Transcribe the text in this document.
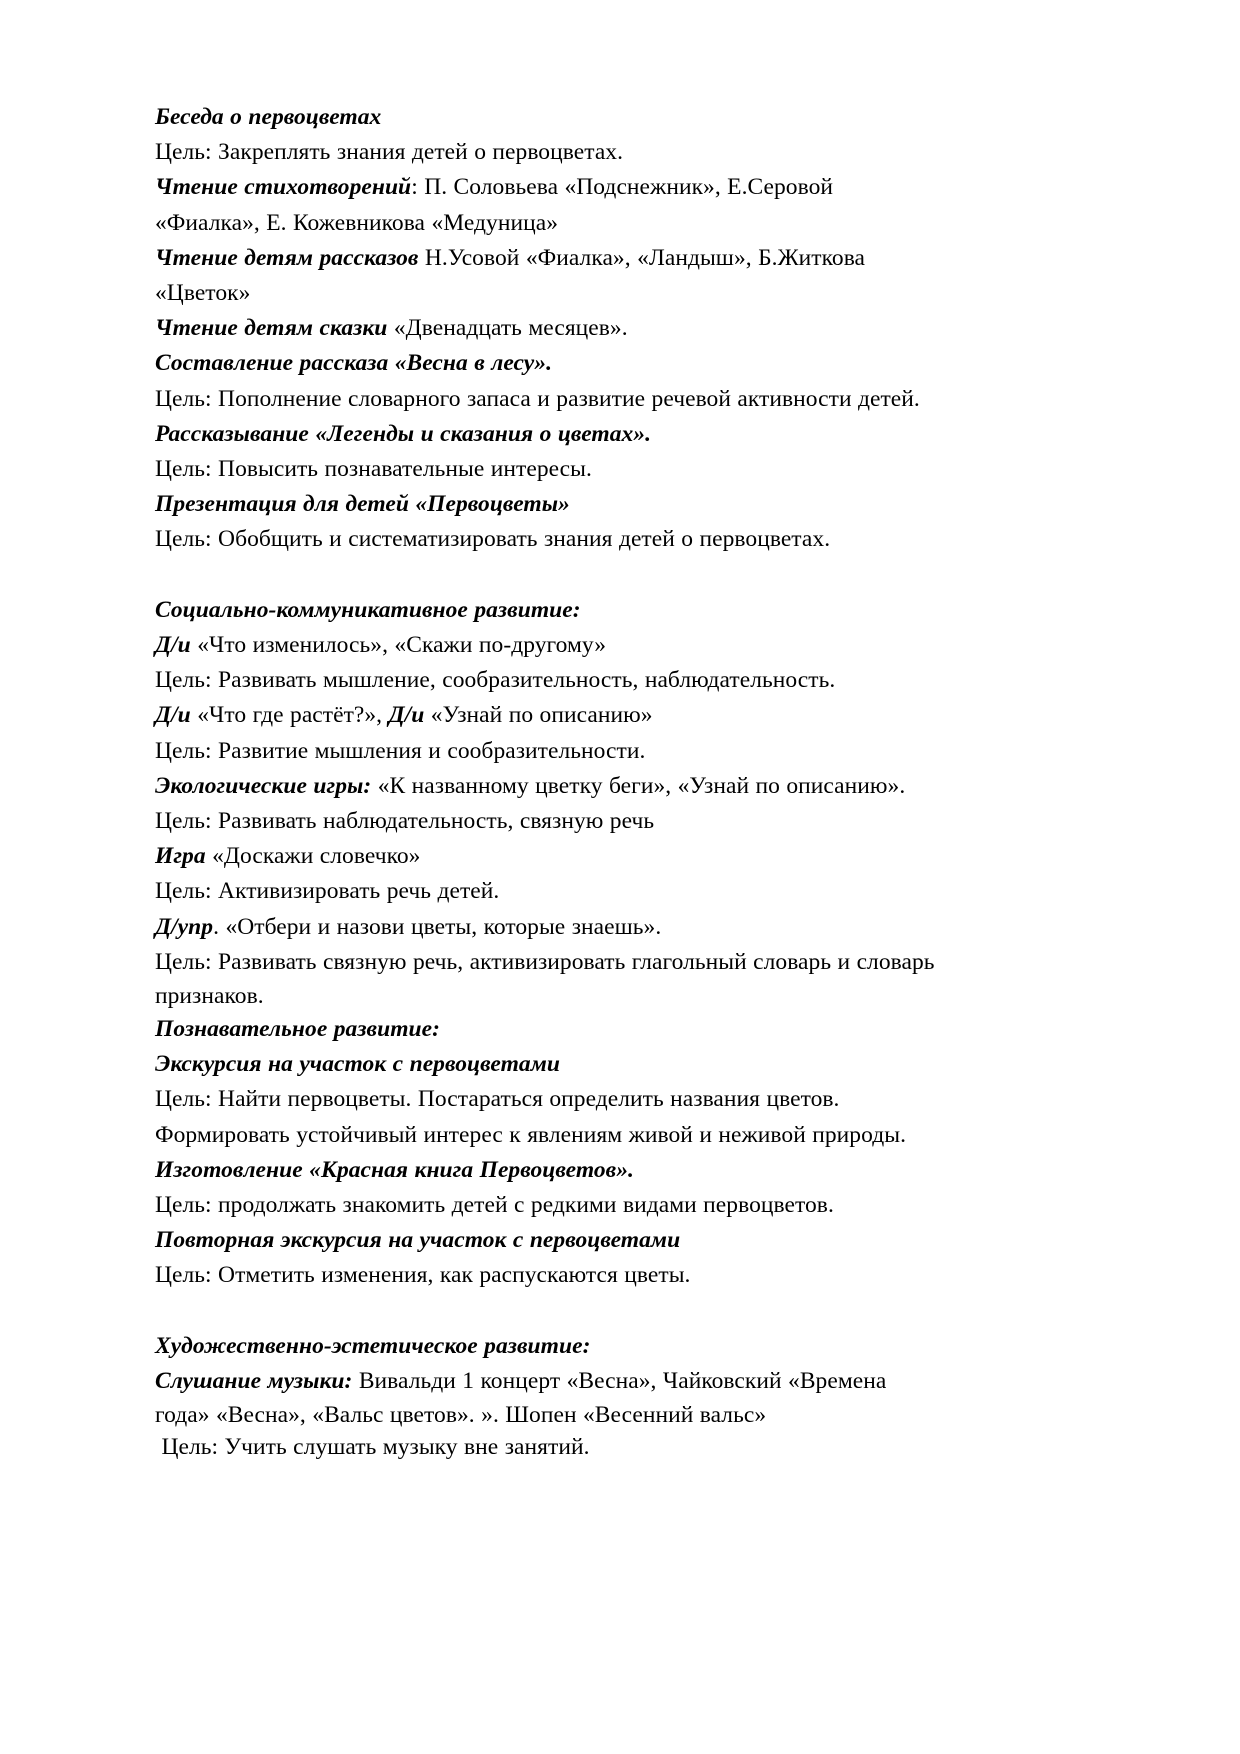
Беседа о первоцветах
Цель: Закреплять знания детей о первоцветах.
Чтение стихотворений: П. Соловьева «Подснежник», Е.Серовой
«Фиалка», Е. Кожевникова «Медуница»
Чтение детям рассказов Н.Усовой «Фиалка», «Ландыш», Б.Житкова
«Цветок»
Чтение детям сказки «Двенадцать месяцев».
Составление рассказа «Весна в лесу».
Цель: Пополнение словарного запаса и развитие речевой активности детей.
Рассказывание «Легенды и сказания о цветах».
Цель: Повысить познавательные интересы.
Презентация для детей «Первоцветы»
Цель: Обобщить и систематизировать знания детей о первоцветах.
Социально-коммуникативное развитие:
Д/и «Что изменилось», «Скажи по-другому»
Цель: Развивать мышление, сообразительность, наблюдательность.
Д/и «Что где растёт?», Д/и «Узнай по описанию»
Цель: Развитие мышления и сообразительности.
Экологические игры: «К названному цветку беги», «Узнай по описанию».
Цель: Развивать наблюдательность, связную речь
Игра «Доскажи словечко»
Цель: Активизировать речь детей.
Д/упр. «Отбери и назови цветы, которые знаешь».
Цель: Развивать связную речь, активизировать глагольный словарь и словарь
признаков.
Познавательное развитие:
Экскурсия на участок с первоцветами
Цель: Найти первоцветы. Постараться определить названия цветов.
Формировать устойчивый интерес к явлениям живой и неживой природы.
Изготовление «Красная книга Первоцветов».
Цель: продолжать знакомить детей с редкими видами первоцветов.
Повторная экскурсия на участок с первоцветами
Цель: Отметить изменения, как распускаются цветы.
Художественно-эстетическое развитие:
Слушание музыки: Вивальди 1 концерт «Весна», Чайковский «Времена
года» «Весна», «Вальс цветов». ». Шопен «Весенний вальс»
Цель: Учить слушать музыку вне занятий.
